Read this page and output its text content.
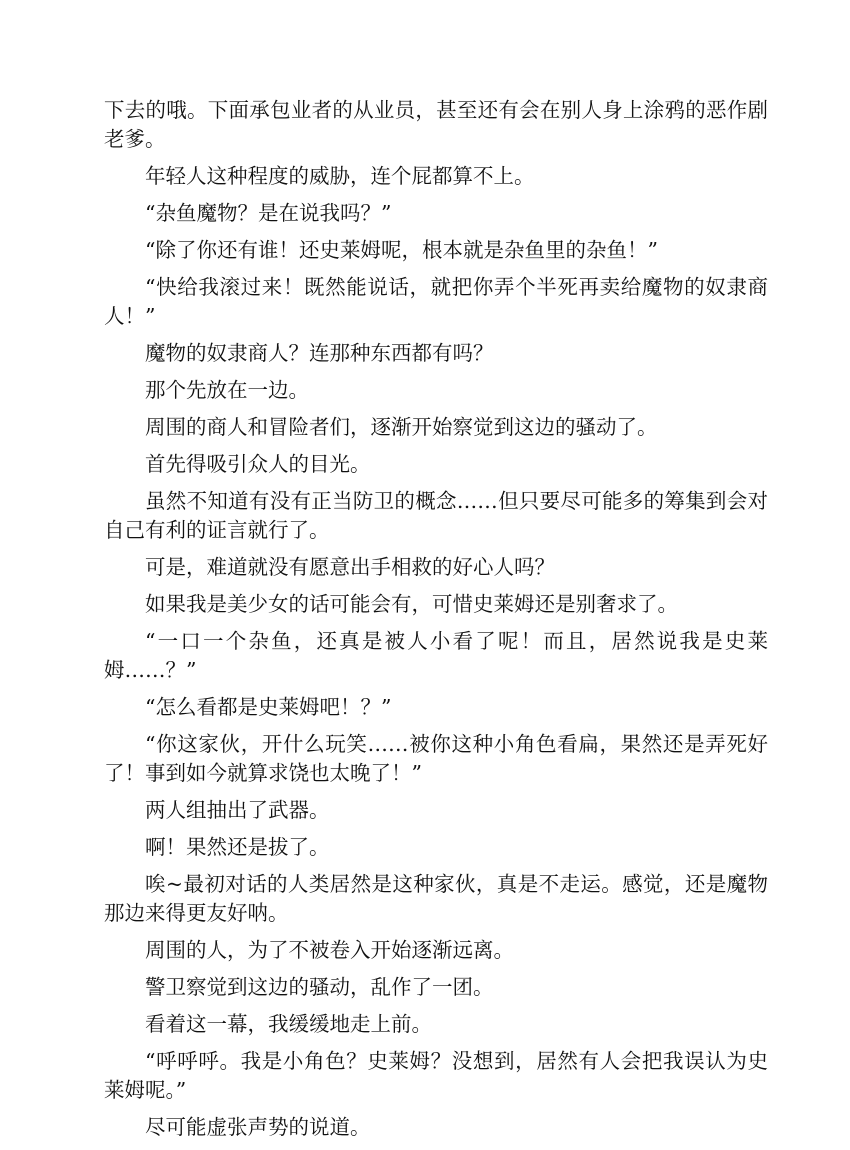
下去的哦。下面承包业者的从业员，甚至还有会在别人身上涂鸦的恶作剧老爹。

年轻人这种程度的威胁，连个屁都算不上。

“杂鱼魔物？是在说我吗？”

“除了你还有谁！还史莱姆呢，根本就是杂鱼里的杂鱼！”

“快给我滚过来！既然能说话，就把你弄个半死再卖给魔物的奴隶商人！”

魔物的奴隶商人？连那种东西都有吗？

那个先放在一边。

周围的商人和冒险者们，逐渐开始察觉到这边的骚动了。

首先得吸引众人的目光。

虽然不知道有没有正当防卫的概念……但只要尽可能多的筹集到会对自己有利的证言就行了。

可是，难道就没有愿意出手相救的好心人吗？

如果我是美少女的话可能会有，可惜史莱姆还是别奢求了。

“一口一个杂鱼，还真是被人小看了呢！而且，居然说我是史莱姆……？”

“怎么看都是史莱姆吧！？”

“你这家伙，开什么玩笑……被你这种小角色看扁，果然还是弄死好了！事到如今就算求饶也太晚了！”

两人组抽出了武器。

啊！果然还是拔了。

唉~最初对话的人类居然是这种家伙，真是不走运。感觉，还是魔物那边来得更友好呐。

周围的人，为了不被卷入开始逐渐远离。

警卫察觉到这边的骚动，乱作了一团。

看着这一幕，我缓缓地走上前。

“呼呼呼。我是小角色？史莱姆？没想到，居然有人会把我误认为史莱姆呢。”

尽可能虚张声势的说道。
